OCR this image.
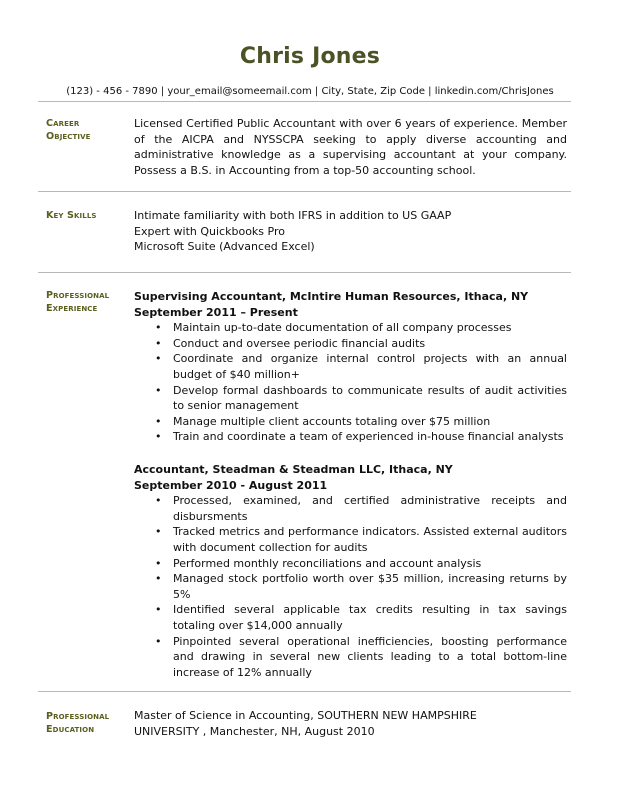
Chris Jones
(123) - 456 - 7890 | your_email@someemail.com | City, State, Zip Code | linkedin.com/ChrisJones
Career
Objective
Licensed Certified Public Accountant with over 6 years of experience. Member of the AICPA and NYSSCPA seeking to apply diverse accounting and administrative knowledge as a supervising accountant at your company. Possess a B.S. in Accounting from a top-50 accounting school.
Key Skills	Intimate familiarity with both IFRS in addition to US GAAP
Expert with Quickbooks Pro
Microsoft Suite (Advanced Excel)
Professional
Experience
Supervising Accountant, McIntire Human Resources, Ithaca, NY
September 2011 – Present
• Maintain up-to-date documentation of all company processes
• Conduct and oversee periodic financial audits
• Coordinate and organize internal control projects with an annual budget of $40 million+
• Develop formal dashboards to communicate results of audit activities to senior management
• Manage multiple client accounts totaling over $75 million
• Train and coordinate a team of experienced in-house financial analysts
Accountant, Steadman & Steadman LLC, Ithaca, NY
September 2010 - August 2011
• Processed, examined, and certified administrative receipts and disbursments
• Tracked metrics and performance indicators. Assisted external auditors with document collection for audits
• Performed monthly reconciliations and account analysis
• Managed stock portfolio worth over $35 million, increasing returns by 5%
• Identified several applicable tax credits resulting in tax savings totaling over $14,000 annually
• Pinpointed several operational inefficiencies, boosting performance and drawing in several new clients leading to a total bottom-line increase of 12% annually
Professional
Education
Master of Science in Accounting, SOUTHERN NEW HAMPSHIRE
UNIVERSITY , Manchester, NH, August 2010
